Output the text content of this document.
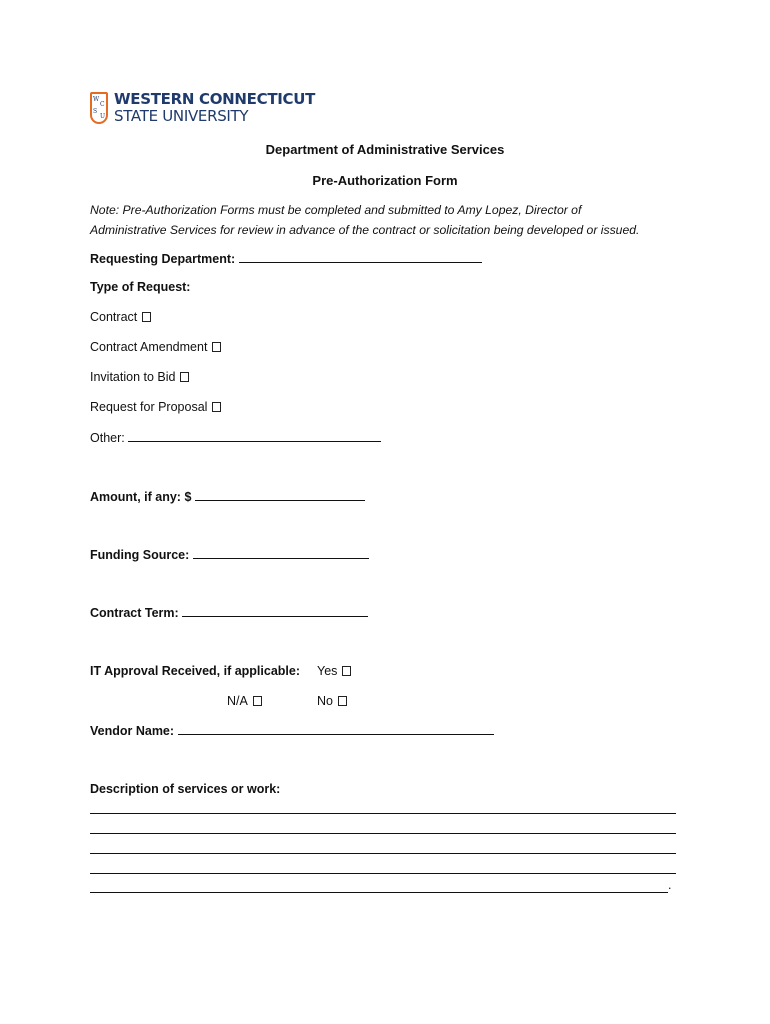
W
C
S
U
WESTERN CONNECTICUT
STATE UNIVERSITY
Department of Administrative Services
Pre-Authorization Form
Note: Pre-Authorization Forms must be completed and submitted to Amy Lopez, Director of
Administrative Services for review in advance of the contract or solicitation being developed or issued.
Requesting Department:
Type of Request:
Contract
Contract Amendment
Invitation to Bid
Request for Proposal
Other:
Amount, if any: $
Funding Source:
Contract Term:
IT Approval Received, if applicable: Yes
N/A	No
Vendor Name:
Description of services or work:
.
